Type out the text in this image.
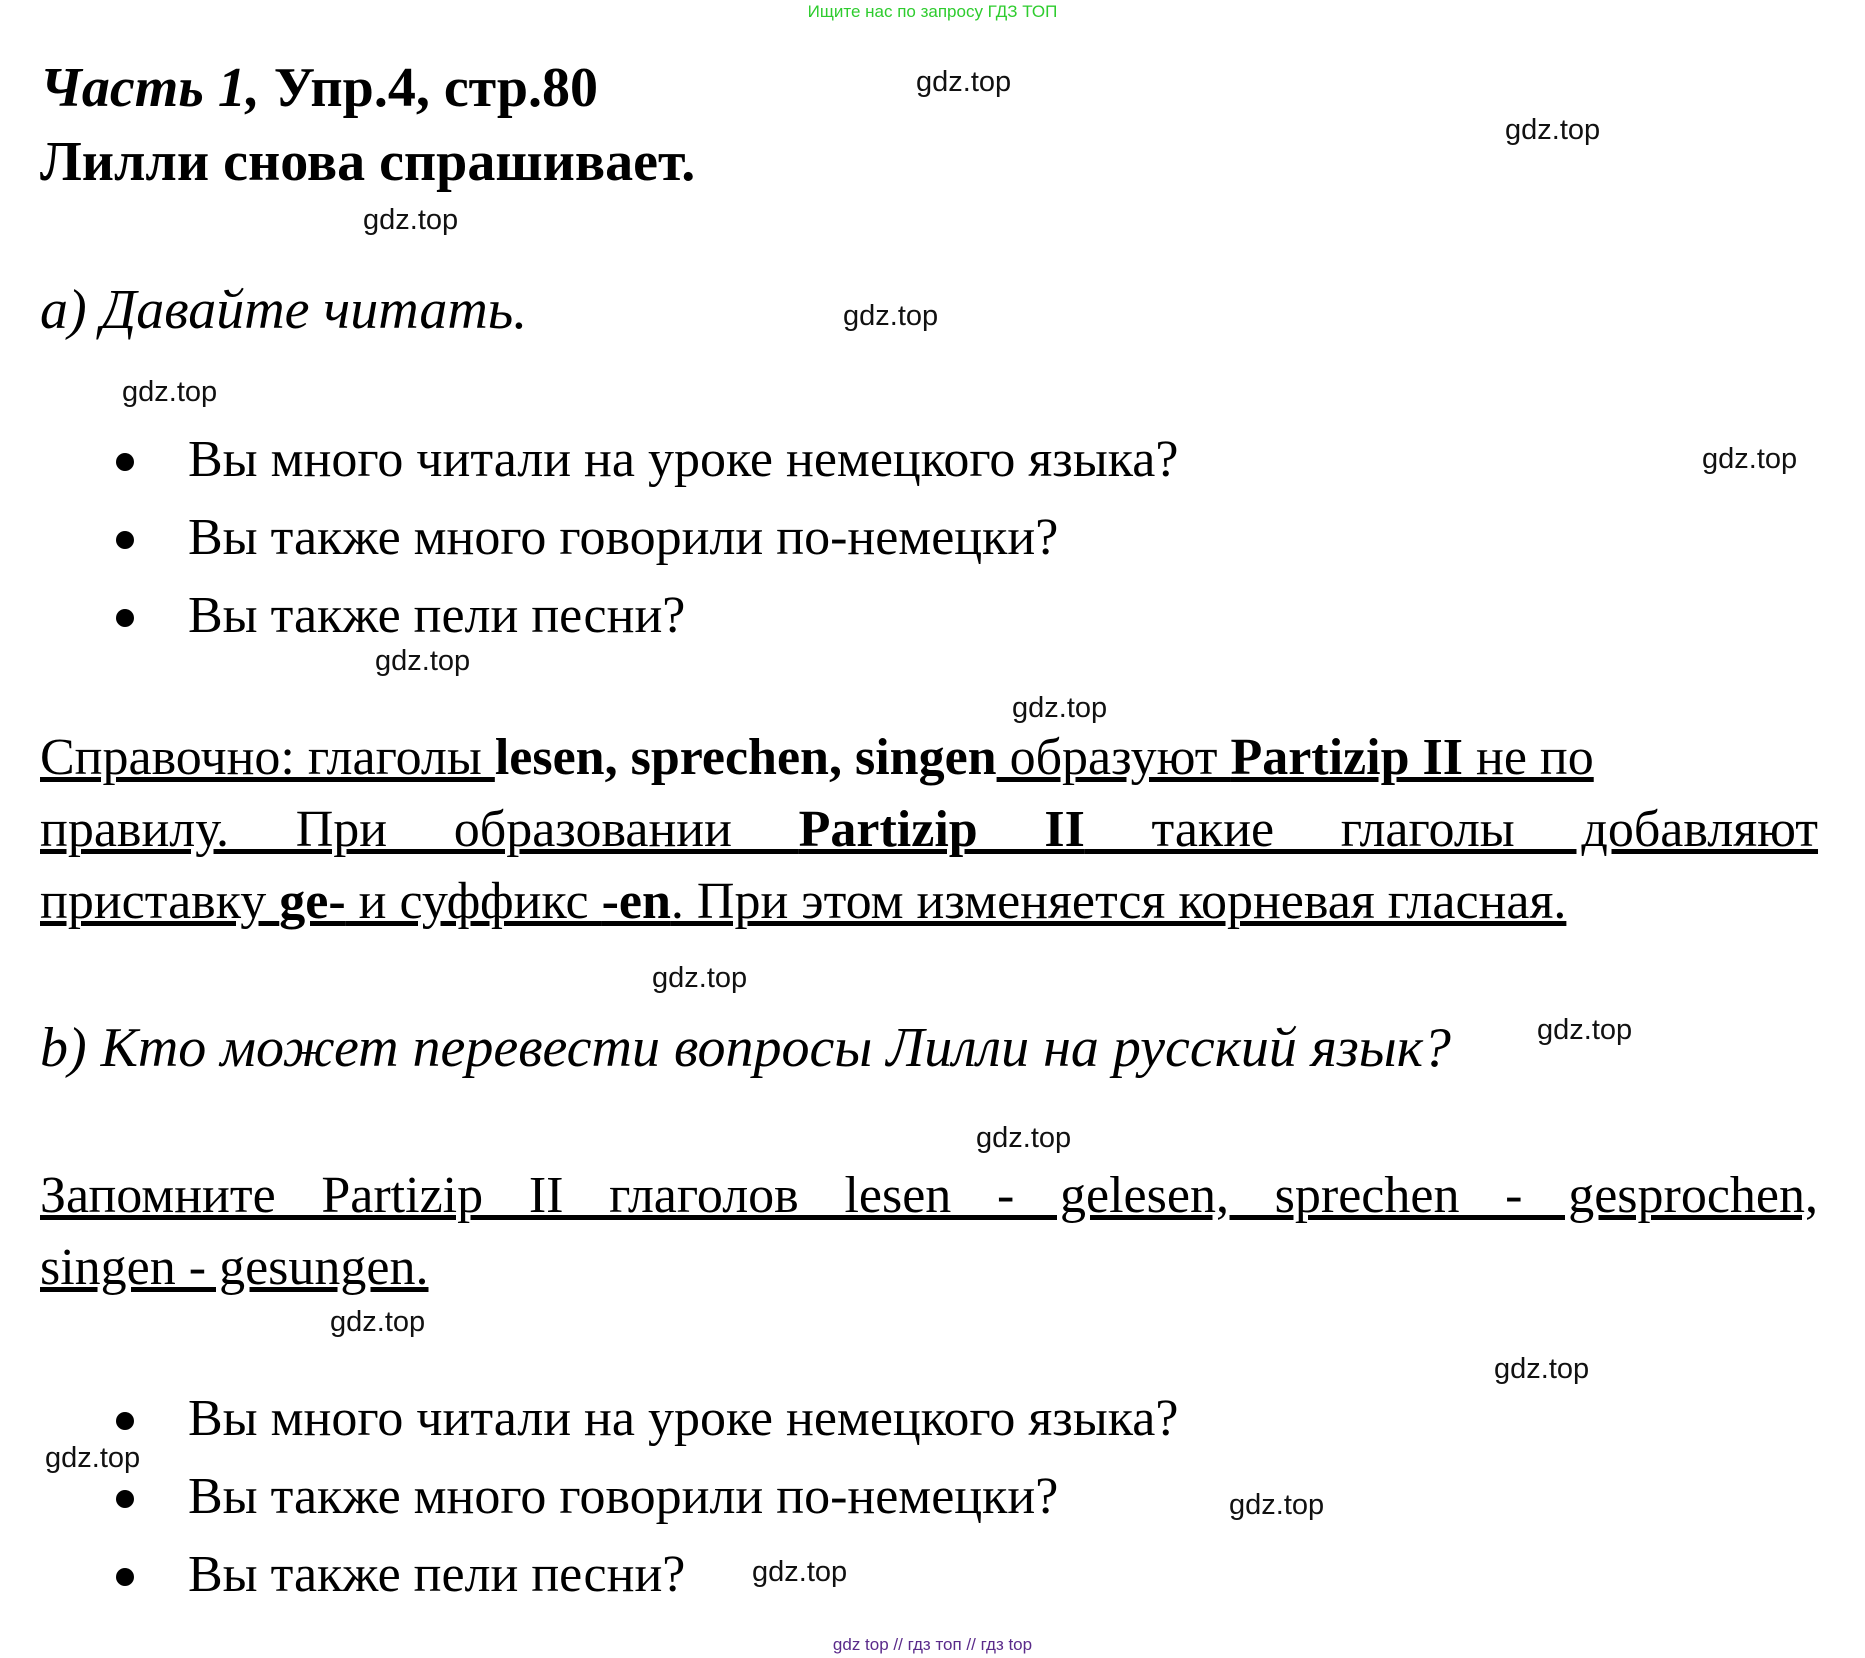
Ищите нас по запросу ГДЗ ТОП
Часть 1, Упр.4, стр.80
Лилли снова спрашивает.
a) Давайте читать.
Вы много читали на уроке немецкого языка?
Вы также много говорили по-немецки?
Вы также пели песни?
Справочно: глаголы lesen, sprechen, singen образуют Partizip II не по
правилу. При образовании Partizip II такие глаголы добавляют
приставку ge- и суффикс -en. При этом изменяется корневая гласная.
b) Кто может перевести вопросы Лилли на русский язык?
Запомните Partizip II глаголов lesen - gelesen, sprechen - gesprochen,
singen - gesungen.
Вы много читали на уроке немецкого языка?
Вы также много говорили по-немецки?
Вы также пели песни?
gdz.top
gdz.top
gdz.top
gdz.top
gdz.top
gdz.top
gdz.top
gdz.top
gdz.top
gdz.top
gdz.top
gdz.top
gdz.top
gdz.top
gdz.top
gdz.top
gdz top // гдз топ // гдз top
